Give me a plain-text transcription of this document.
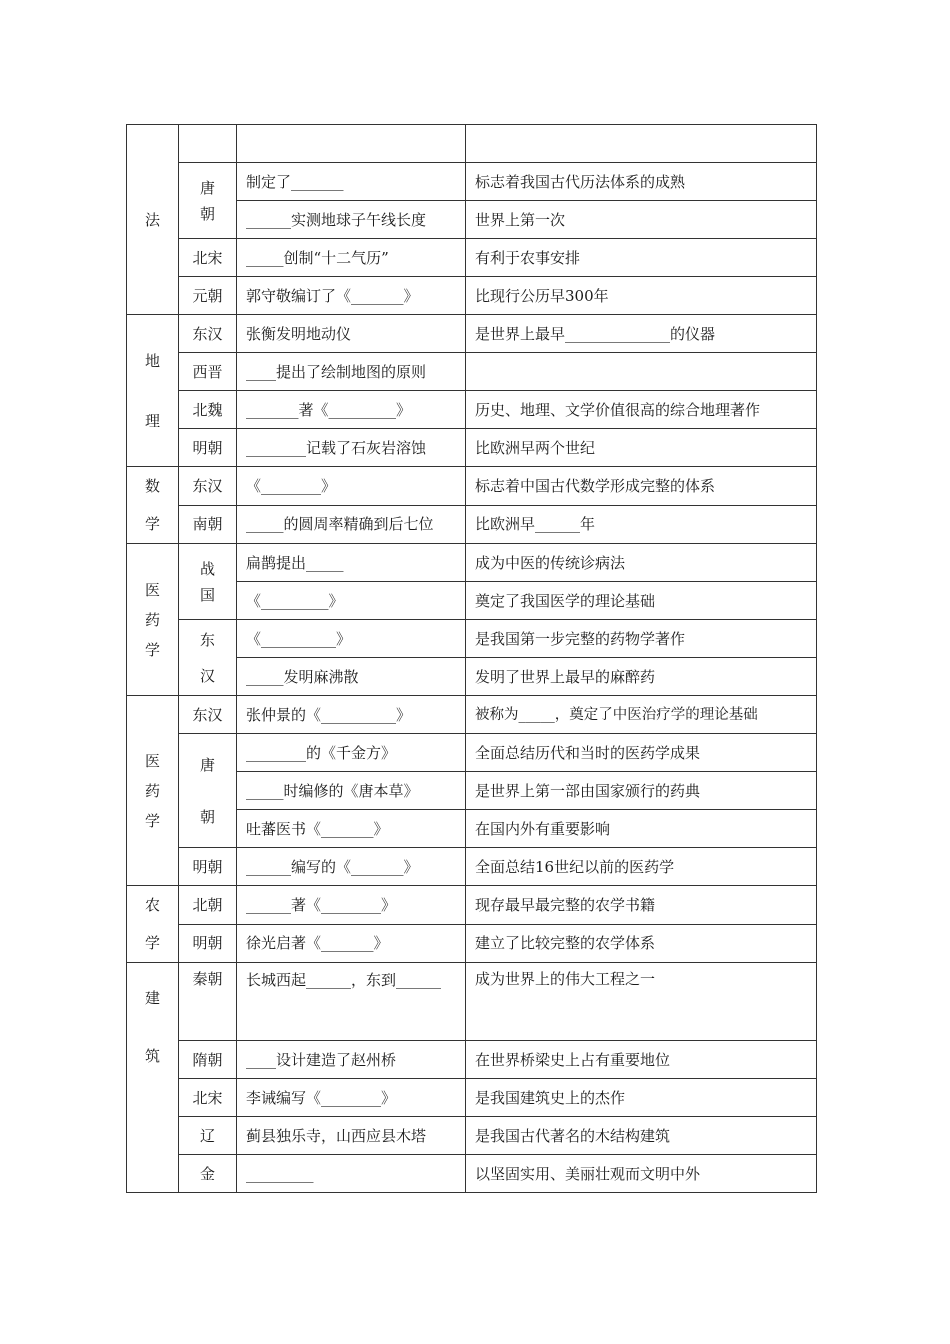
法			
	唐朝	制定了_______	标志着我国古代历法体系的成熟
		______实测地球子午线长度	世界上第一次
	北宋	_____创制“十二气历”	有利于农事安排
	元朝	郭守敬编订了《_______》	比现行公历早300年
地理	东汉	张衡发明地动仪	是世界上最早______________的仪器
	西晋	____提出了绘制地图的原则	
	北魏	_______著《_________》	历史、地理、文学价值很高的综合地理著作
	明朝	________记载了石灰岩溶蚀	比欧洲早两个世纪
数学	东汉	《________》	标志着中国古代数学形成完整的体系
	南朝	_____的圆周率精确到后七位	比欧洲早______年
医药学	战国	扁鹊提出_____	成为中医的传统诊病法
		《_________》	奠定了我国医学的理论基础
	东汉	《__________》	是我国第一步完整的药物学著作
		_____发明麻沸散	发明了世界上最早的麻醉药
医药学	东汉	张仲景的《__________》	被称为_____，奠定了中医治疗学的理论基础
	唐朝	________的《千金方》	全面总结历代和当时的医药学成果
		_____时编修的《唐本草》	是世界上第一部由国家颁行的药典
		吐蕃医书《_______》	在国内外有重要影响
	明朝	______编写的《_______》	全面总结16世纪以前的医药学
农学	北朝	______著《________》	现存最早最完整的农学书籍
	明朝	徐光启著《_______》	建立了比较完整的农学体系
建筑	秦朝	长城西起______，东到______	成为世界上的伟大工程之一
	隋朝	____设计建造了赵州桥	在世界桥梁史上占有重要地位
	北宋	李诫编写《________》	是我国建筑史上的杰作
	辽	蓟县独乐寺，山西应县木塔	是我国古代著名的木结构建筑
	金	_________	以坚固实用、美丽壮观而文明中外
